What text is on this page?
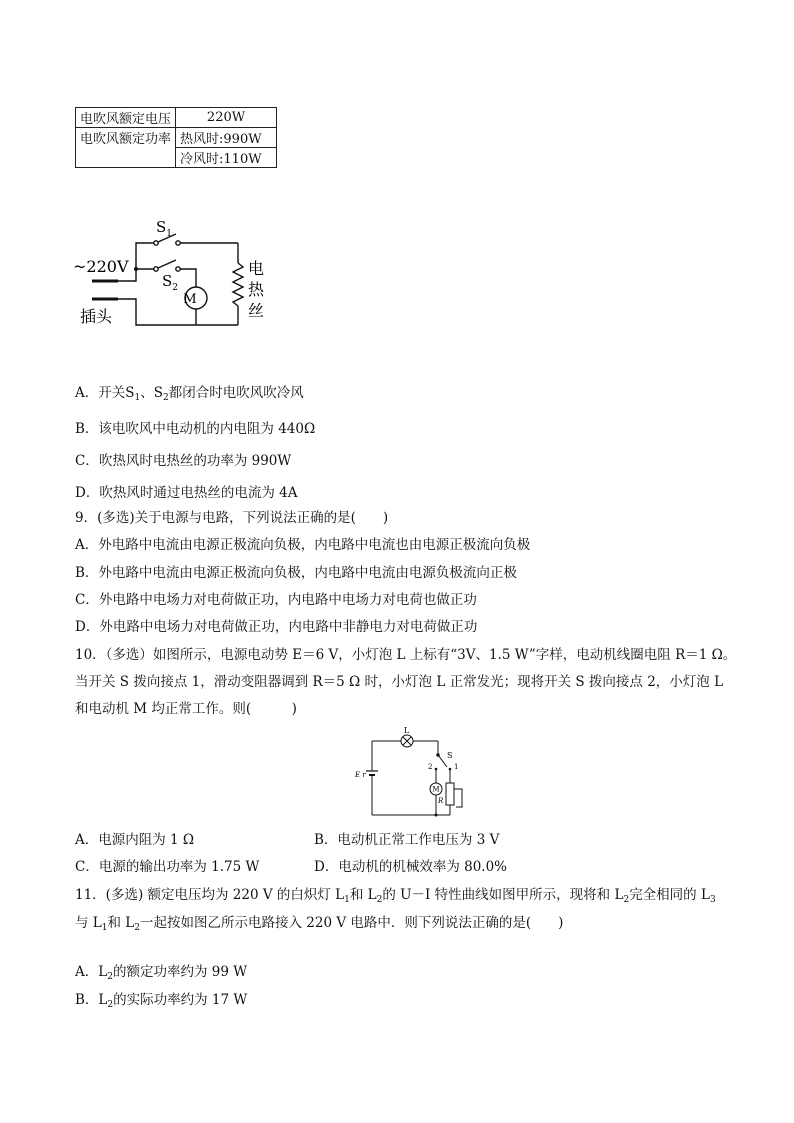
电吹风额定电压	220W
电吹风额定功率	热风时:990W
	冷风时:110W
$S_1$
$S_2$
~220V
插头
M
电
热
丝
A．开关$S_1$、$S_2$都闭合时电吹风吹冷风
B．该电吹风中电动机的内电阻为 440Ω
C．吹热风时电热丝的功率为 990W
D．吹热风时通过电热丝的电流为 4A
9．(多选)关于电源与电路，下列说法正确的是(　　)
A．外电路中电流由电源正极流向负极，内电路中电流也由电源正极流向负极
B．外电路中电流由电源正极流向负极，内电路中电流由电源负极流向正极
C．外电路中电场力对电荷做正功，内电路中电场力对电荷也做正功
D．外电路中电场力对电荷做正功，内电路中非静电力对电荷做正功
10．（多选）如图所示，电源电动势 E＝6 V，小灯泡 L 上标有“3V、1.5 W”字样，电动机线圈电阻 R＝1 Ω。
当开关 S 拨向接点 1，滑动变阻器调到 R＝5 Ω 时，小灯泡 L 正常发光；现将开关 S 拨向接点 2，小灯泡 L
和电动机 M 均正常工作。则(　　　)
L
S
1
2
E r
M
R
A．电源内阻为 1 Ω	B．电动机正常工作电压为 3 V
C．电源的输出功率为 1.75 W	D．电动机的机械效率为 80.0%
11．(多选) 额定电压均为 220 V 的白炽灯 $L_1$和 $L_2$的 U－I 特性曲线如图甲所示，现将和 $L_2$完全相同的 $L_3$
与 $L_1$和 $L_2$一起按如图乙所示电路接入 220 V 电路中．则下列说法正确的是(　　)
A．$L_2$的额定功率约为 99 W
B．$L_2$的实际功率约为 17 W
